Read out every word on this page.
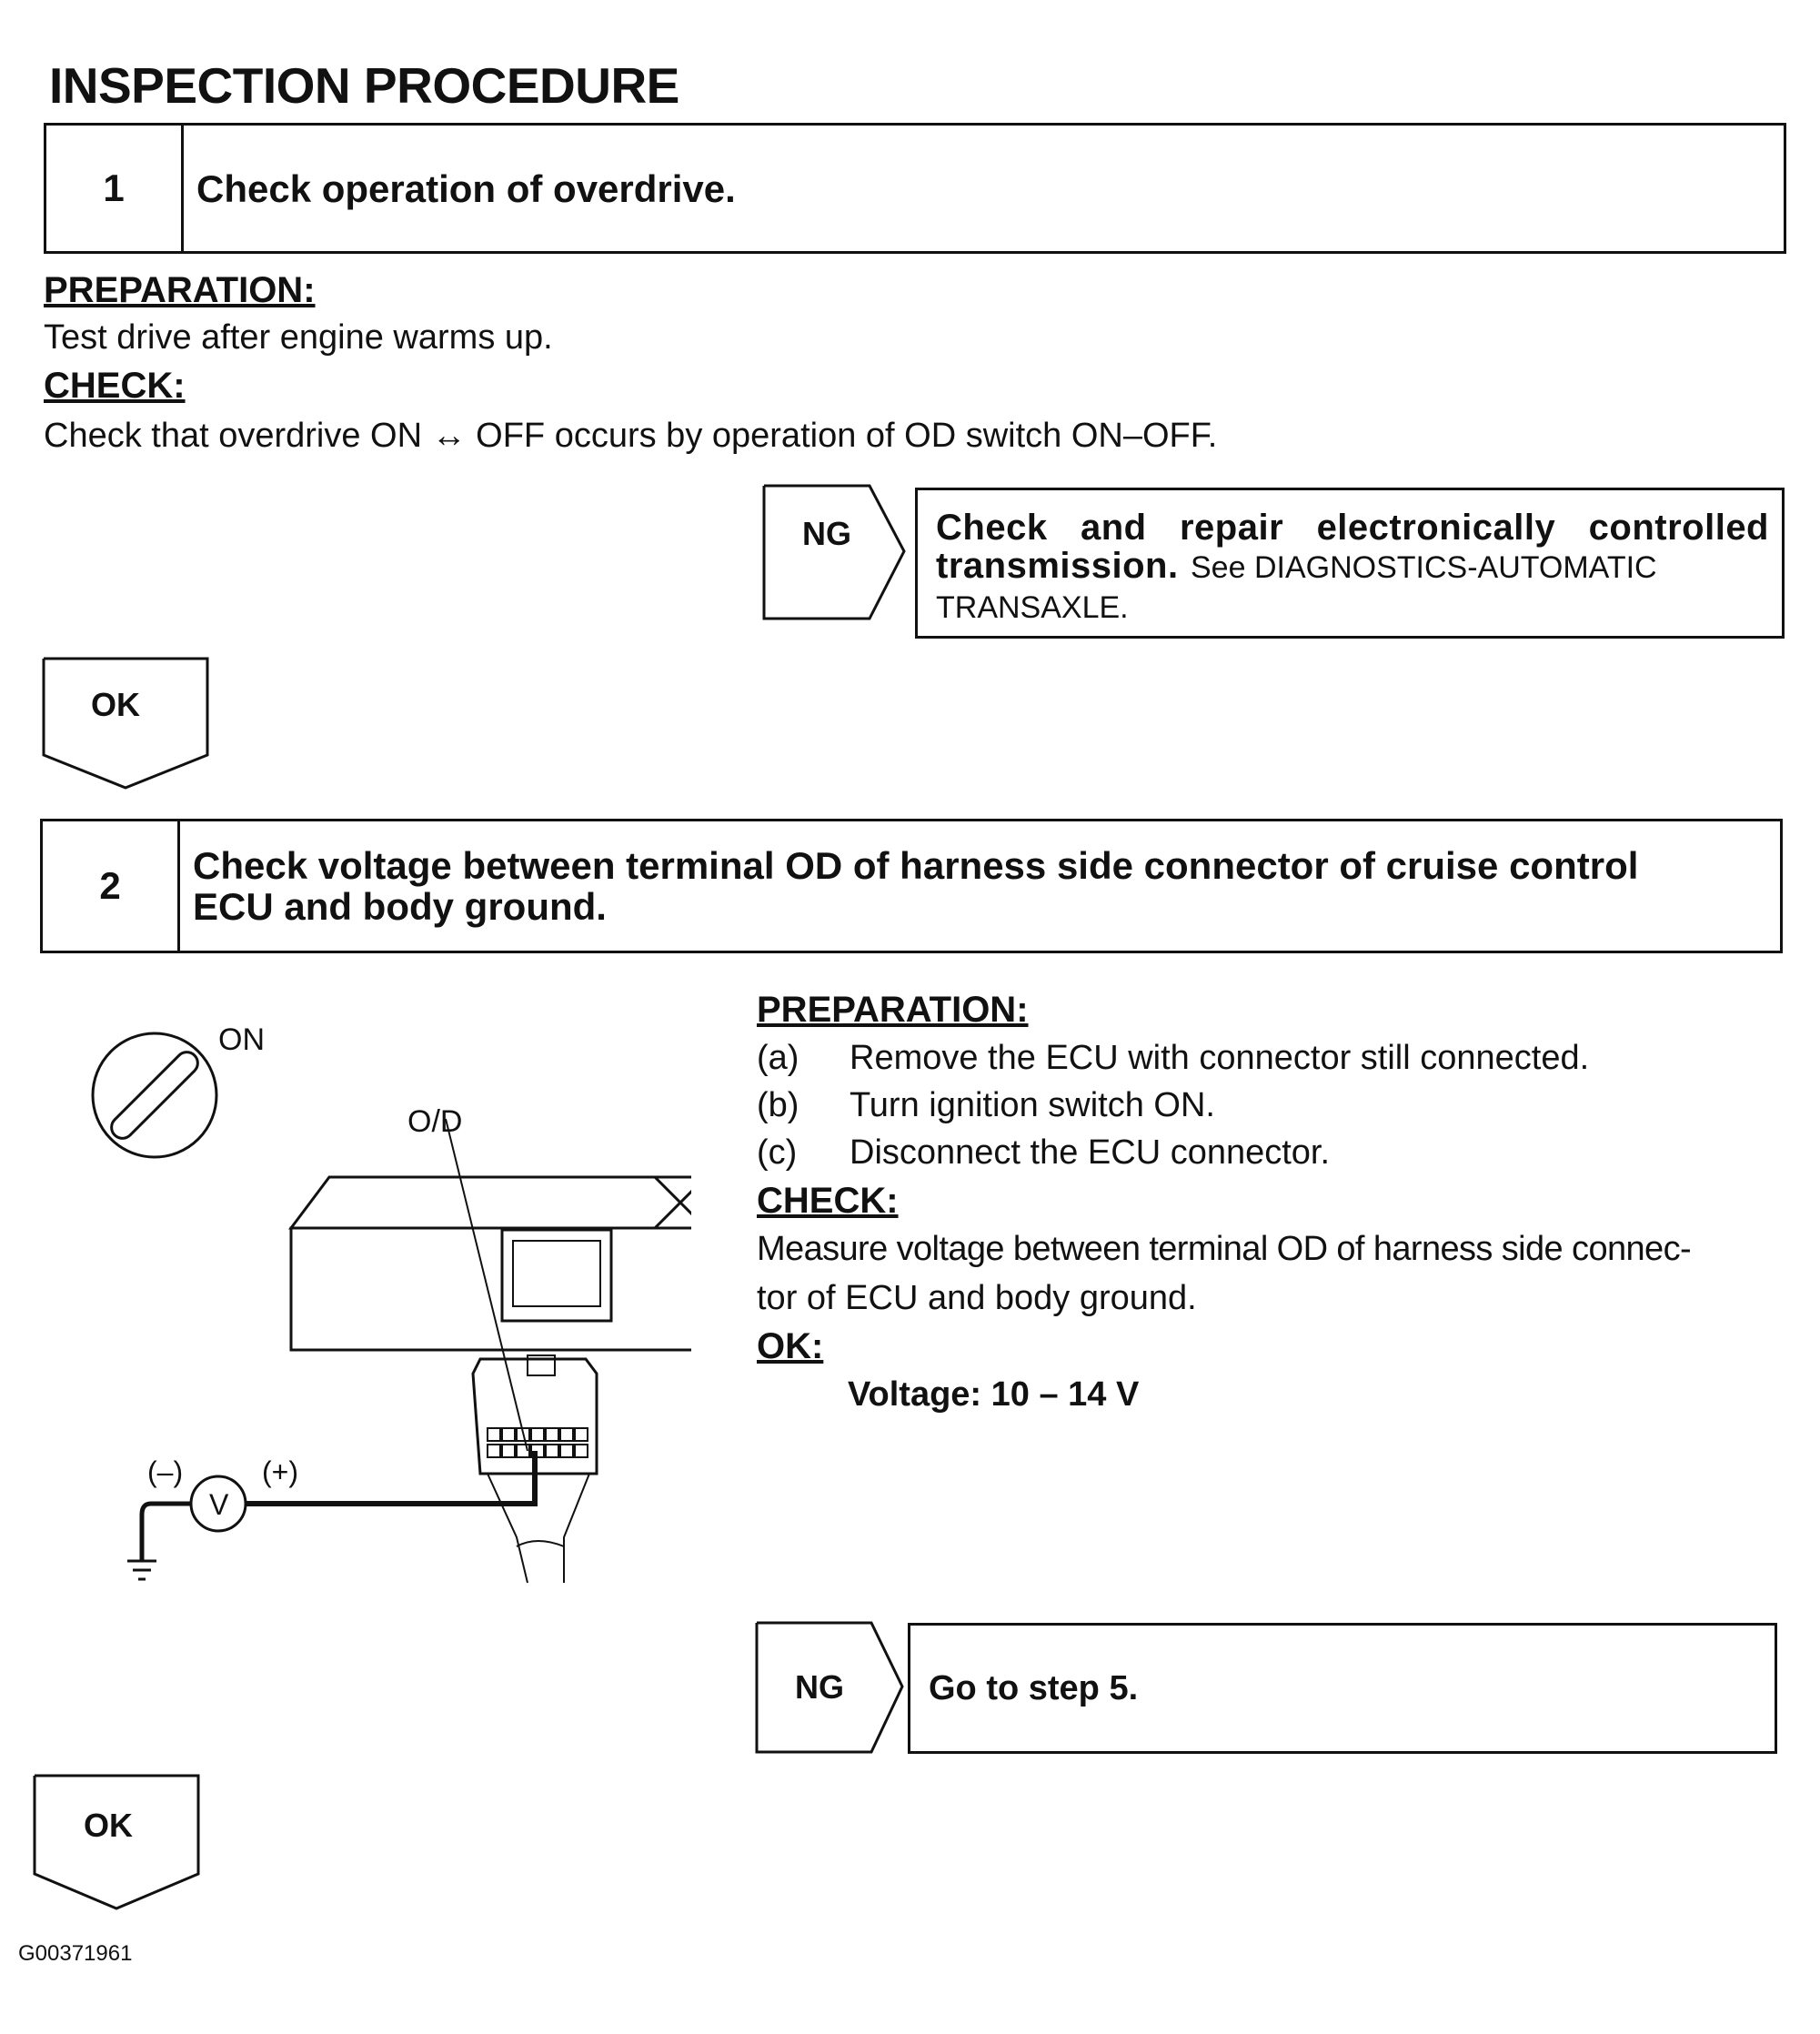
INSPECTION PROCEDURE
1	Check operation of overdrive.
PREPARATION:
Test drive after engine warms up.
CHECK:
Check that overdrive ON ↔ OFF occurs by operation of OD switch ON–OFF.
NG Check and repair electronically controlled transmission. See DIAGNOSTICS-AUTOMATIC
TRANSAXLE.
OK
2	Check voltage between terminal OD of harness side connector of cruise control
ECU and body ground.
ON
O/D
(–)	(+)
V
PREPARATION:
(a)	Remove the ECU with connector still connected.
(b)	Turn ignition switch ON.
(c)	Disconnect the ECU connector.
CHECK:
Measure voltage between terminal OD of harness side connec-
tor of ECU and body ground.
OK:
Voltage: 10 – 14 V
NG Go to step 5.
OK
G00371961
